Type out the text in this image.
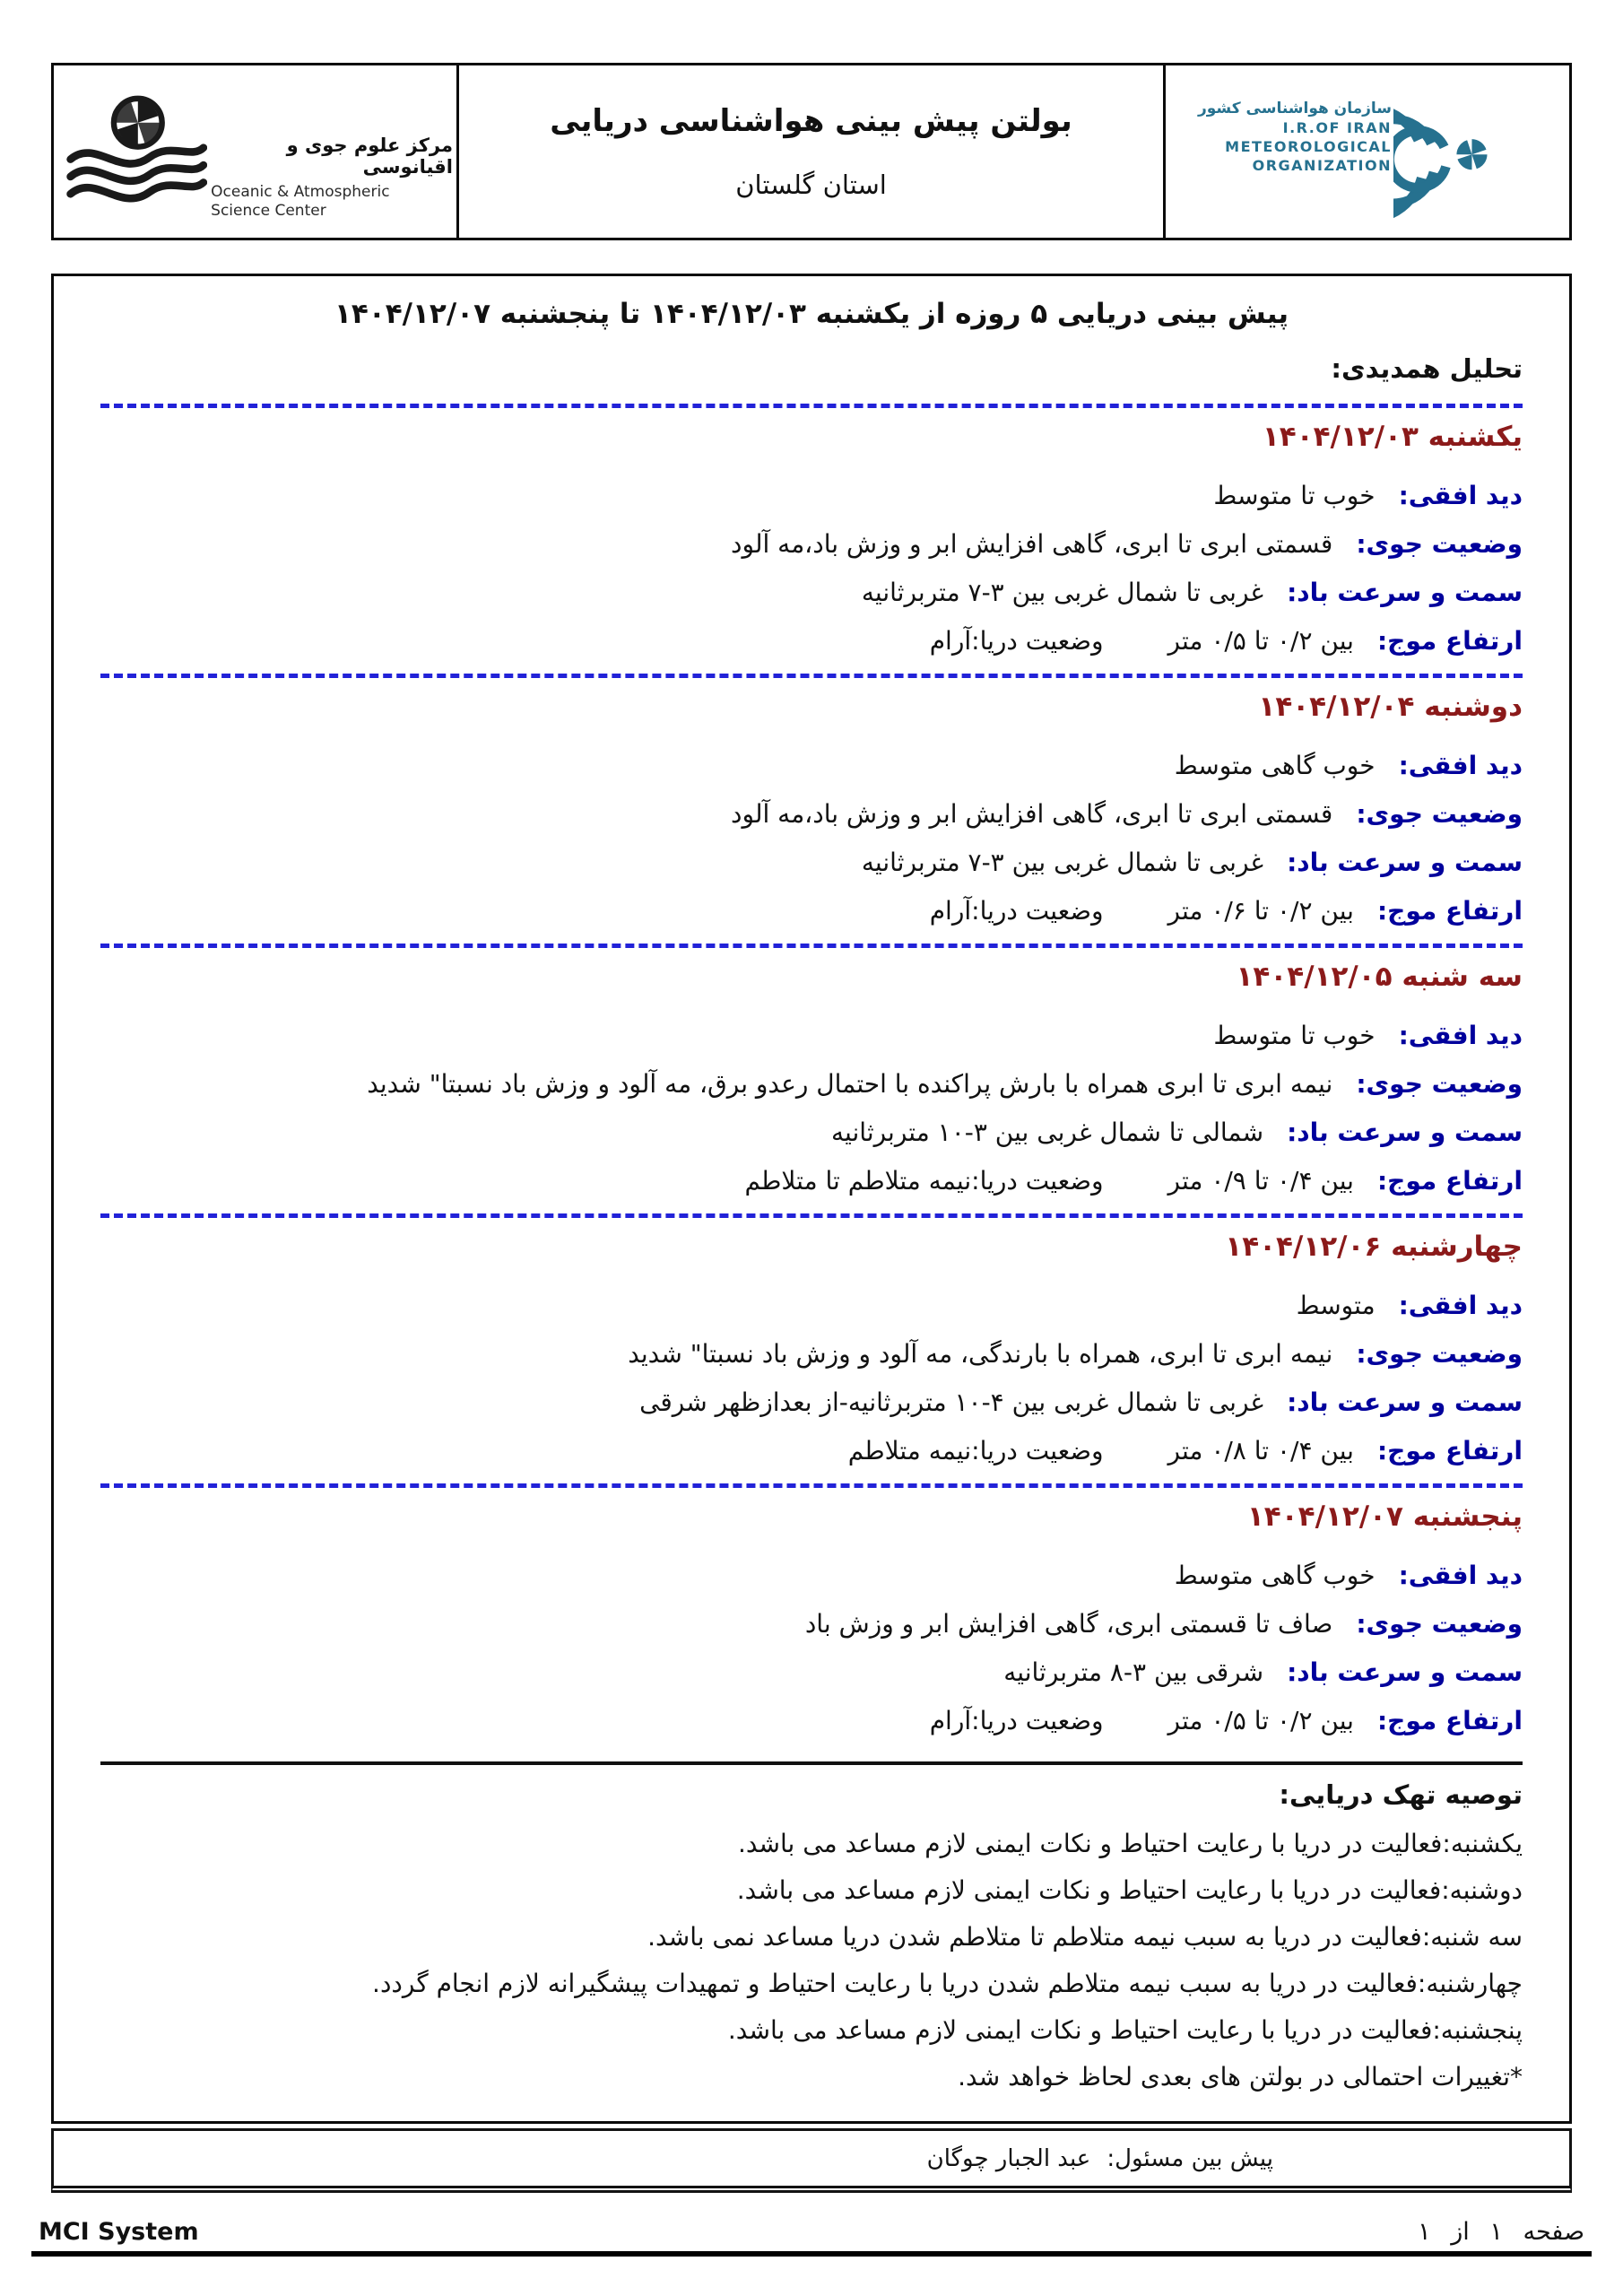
مرکز علوم جوی و اقیانوسی
Oceanic & Atmospheric
Science Center
بولتن پیش بینی هواشناسی دریایی
استان گلستان
سازمان هواشناسی کشور
I.R.OF IRAN
METEOROLOGICAL
ORGANIZATION
پیش بینی دریایی ۵ روزه از یکشنبه ۱۴۰۴/۱۲/۰۳ تا پنجشنبه ۱۴۰۴/۱۲/۰۷
تحلیل همدیدی:
یکشنبه ۱۴۰۴/۱۲/۰۳
دید افقی:خوب تا متوسط
وضعیت جوی:قسمتی ابری تا ابری، گاهی افزایش ابر و وزش باد،مه آلود
سمت و سرعت باد:غربی تا شمال غربی بین ۳-۷ متربرثانیه
ارتفاع موج:بین ۰/۲ تا ۰/۵ متروضعیت دریا:آرام
دوشنبه ۱۴۰۴/۱۲/۰۴
دید افقی:خوب گاهی متوسط
وضعیت جوی:قسمتی ابری تا ابری، گاهی افزایش ابر و وزش باد،مه آلود
سمت و سرعت باد:غربی تا شمال غربی بین ۳-۷ متربرثانیه
ارتفاع موج:بین ۰/۲ تا ۰/۶ متروضعیت دریا:آرام
سه شنبه ۱۴۰۴/۱۲/۰۵
دید افقی:خوب تا متوسط
وضعیت جوی:نیمه ابری تا ابری همراه با بارش پراکنده با احتمال رعدو برق، مه آلود و وزش باد نسبتا" شدید
سمت و سرعت باد:شمالی تا شمال غربی بین ۳-۱۰ متربرثانیه
ارتفاع موج:بین ۰/۴ تا ۰/۹ متروضعیت دریا:نیمه متلاطم تا متلاطم
چهارشنبه ۱۴۰۴/۱۲/۰۶
دید افقی:متوسط
وضعیت جوی:نیمه ابری تا ابری، همراه با بارندگی، مه آلود و وزش باد نسبتا" شدید
سمت و سرعت باد:غربی تا شمال غربی بین ۴-۱۰ متربرثانیه-از بعدازظهر شرقی
ارتفاع موج:بین ۰/۴ تا ۰/۸ متروضعیت دریا:نیمه متلاطم
پنجشنبه ۱۴۰۴/۱۲/۰۷
دید افقی:خوب گاهی متوسط
وضعیت جوی:صاف تا قسمتی ابری، گاهی افزایش ابر و وزش باد
سمت و سرعت باد:شرقی بین ۳-۸ متربرثانیه
ارتفاع موج:بین ۰/۲ تا ۰/۵ متروضعیت دریا:آرام
توصیه تهک دریایی:
یکشنبه:فعالیت در دریا با رعایت احتیاط و نکات ایمنی لازم مساعد می باشد.
دوشنبه:فعالیت در دریا با رعایت احتیاط و نکات ایمنی لازم مساعد می باشد.
سه شنبه:فعالیت در دریا به سبب نیمه متلاطم تا متلاطم شدن دریا مساعد نمی باشد.
چهارشنبه:فعالیت در دریا به سبب نیمه متلاطم شدن دریا با رعایت احتیاط و تمهیدات پیشگیرانه لازم انجام گردد.
پنجشنبه:فعالیت در دریا با رعایت احتیاط و نکات ایمنی لازم مساعد می باشد.
*تغییرات احتمالی در بولتن های بعدی لحاظ خواهد شد.
پیش بین مسئول:
عبد الجبار چوگان
MCI System	صفحه ۱ از ۱
